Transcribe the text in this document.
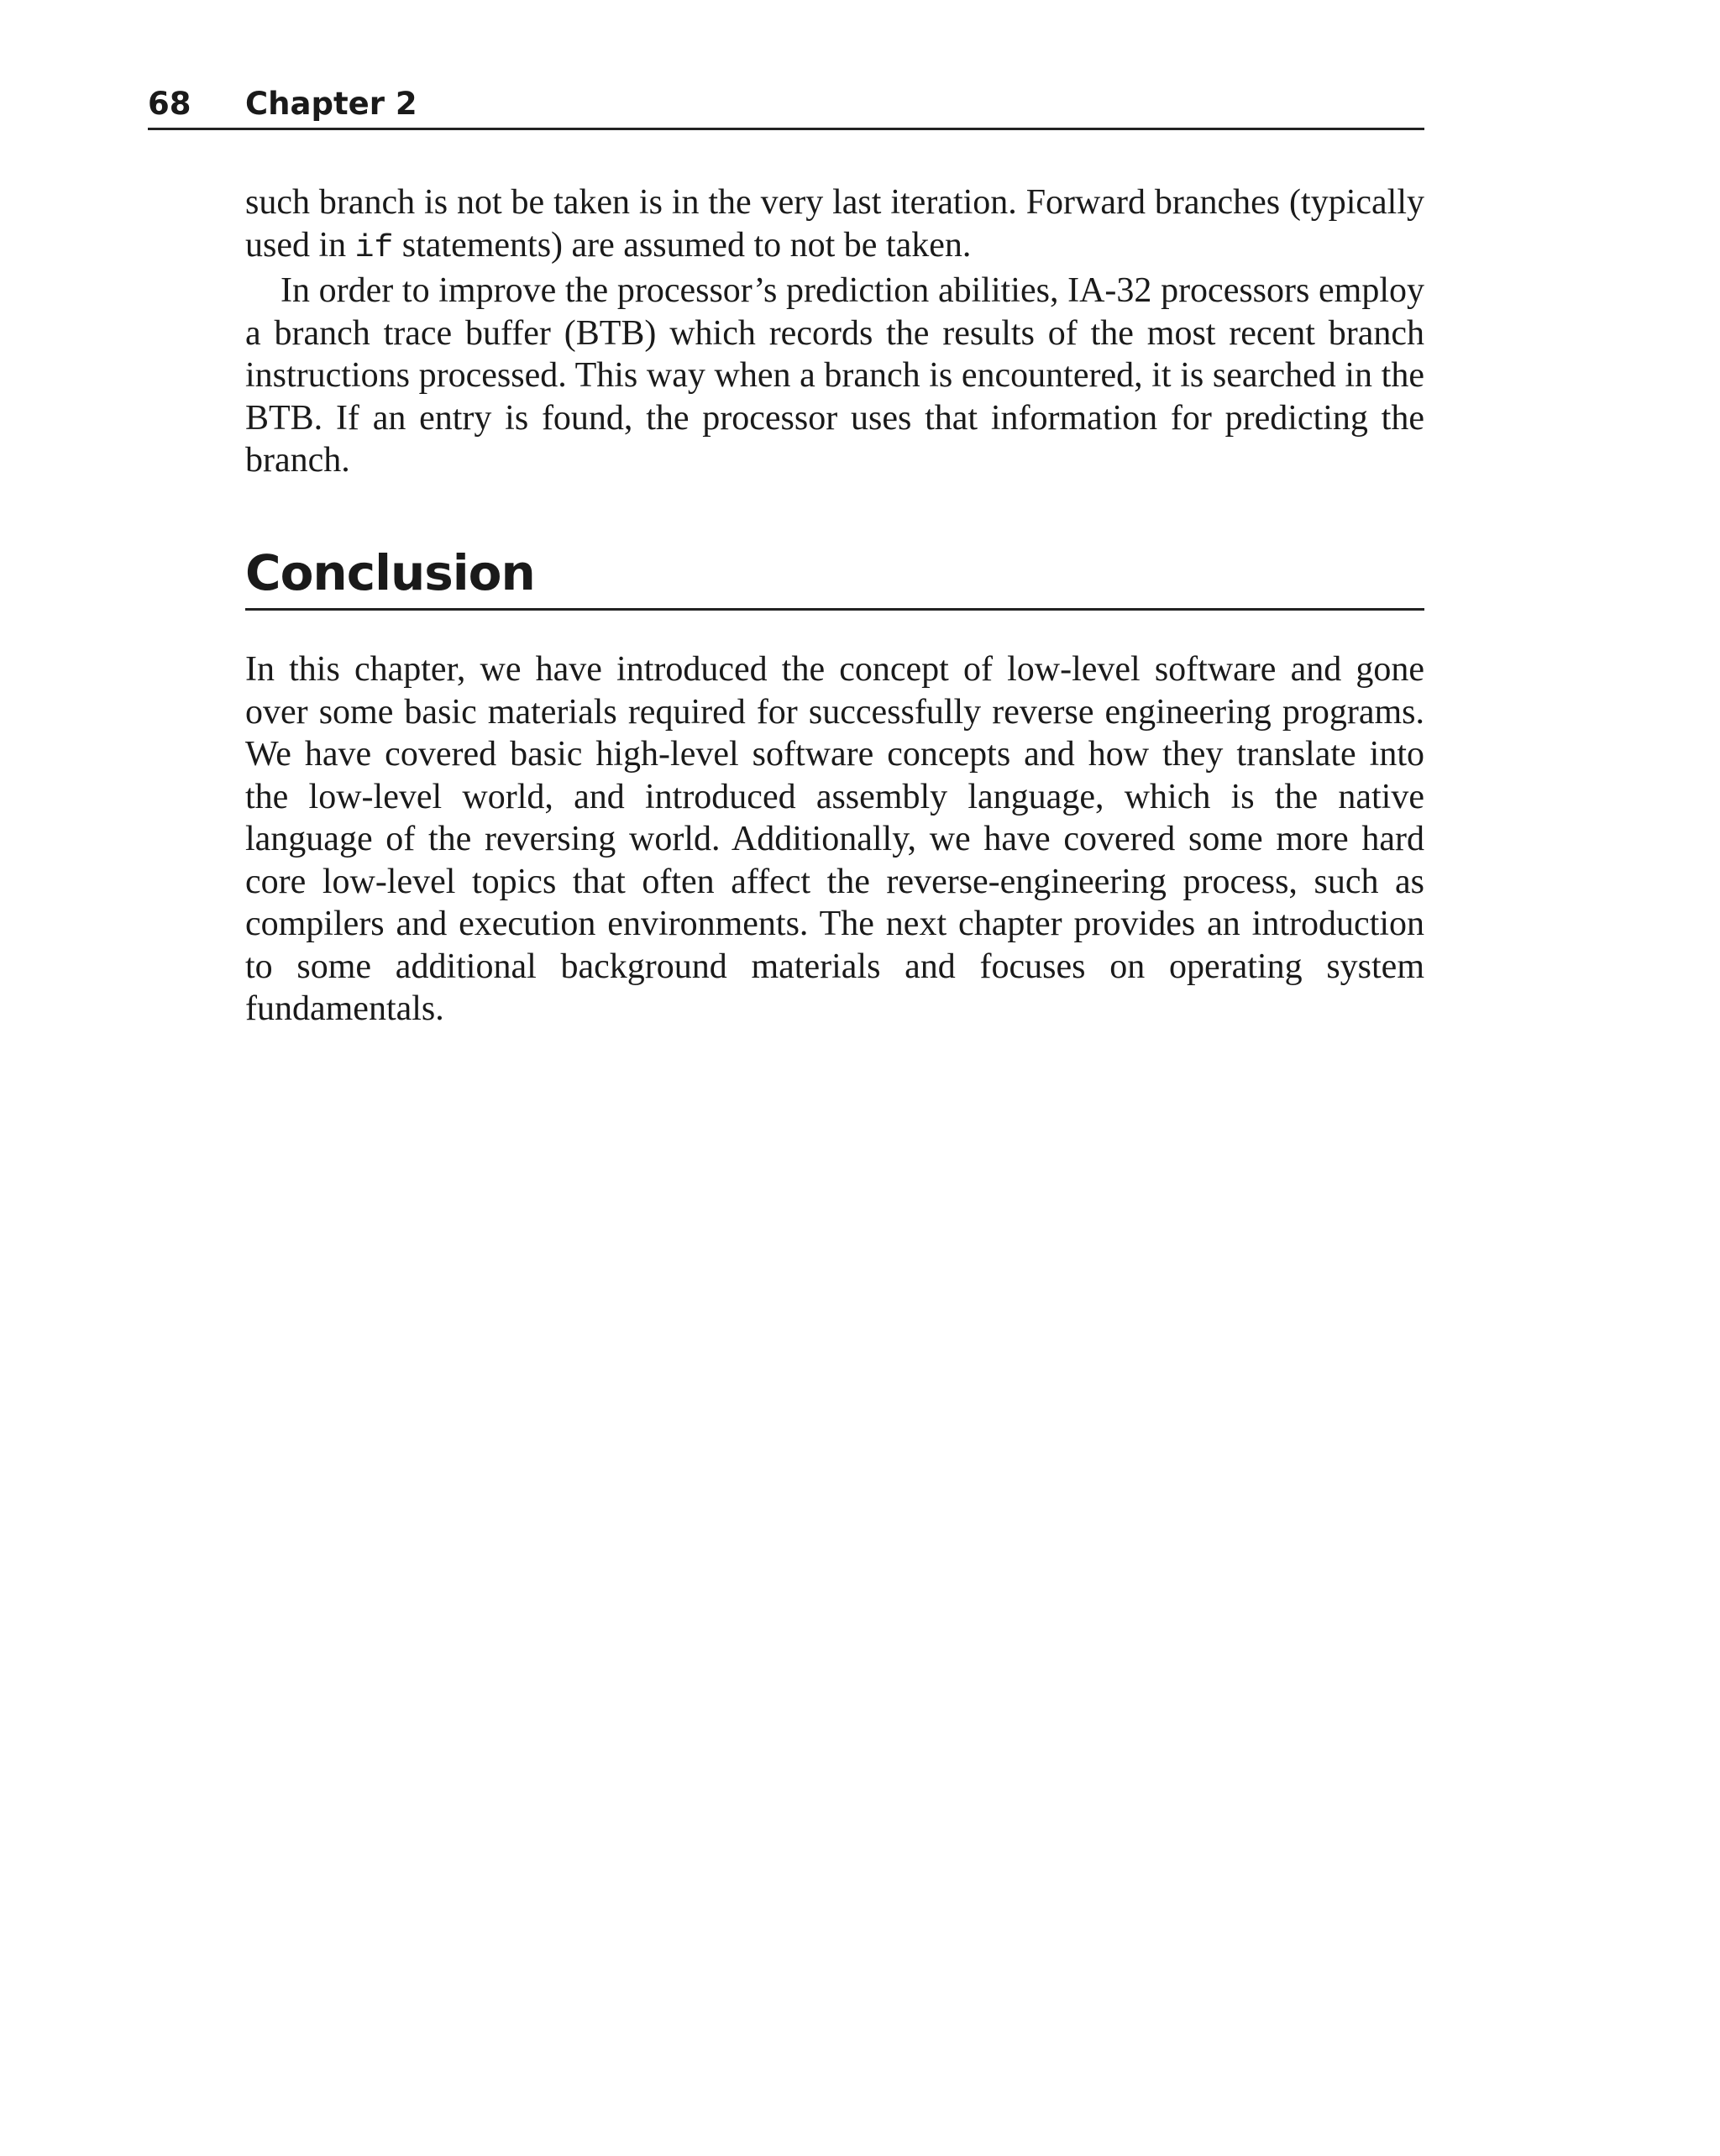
68 Chapter 2

such branch is not be taken is in the very last iteration. Forward branches (typically used in if statements) are assumed to not be taken.

In order to improve the processor’s prediction abilities, IA-32 processors employ a branch trace buffer (BTB) which records the results of the most recent branch instructions processed. This way when a branch is encountered, it is searched in the BTB. If an entry is found, the processor uses that information for predicting the branch.

Conclusion

In this chapter, we have introduced the concept of low-level software and gone over some basic materials required for successfully reverse engineering programs. We have covered basic high-level software concepts and how they translate into the low-level world, and introduced assembly language, which is the native language of the reversing world. Additionally, we have covered some more hard core low-level topics that often affect the reverse-engineering process, such as compilers and execution environments. The next chapter provides an introduction to some additional background materials and focuses on operating system fundamentals.
